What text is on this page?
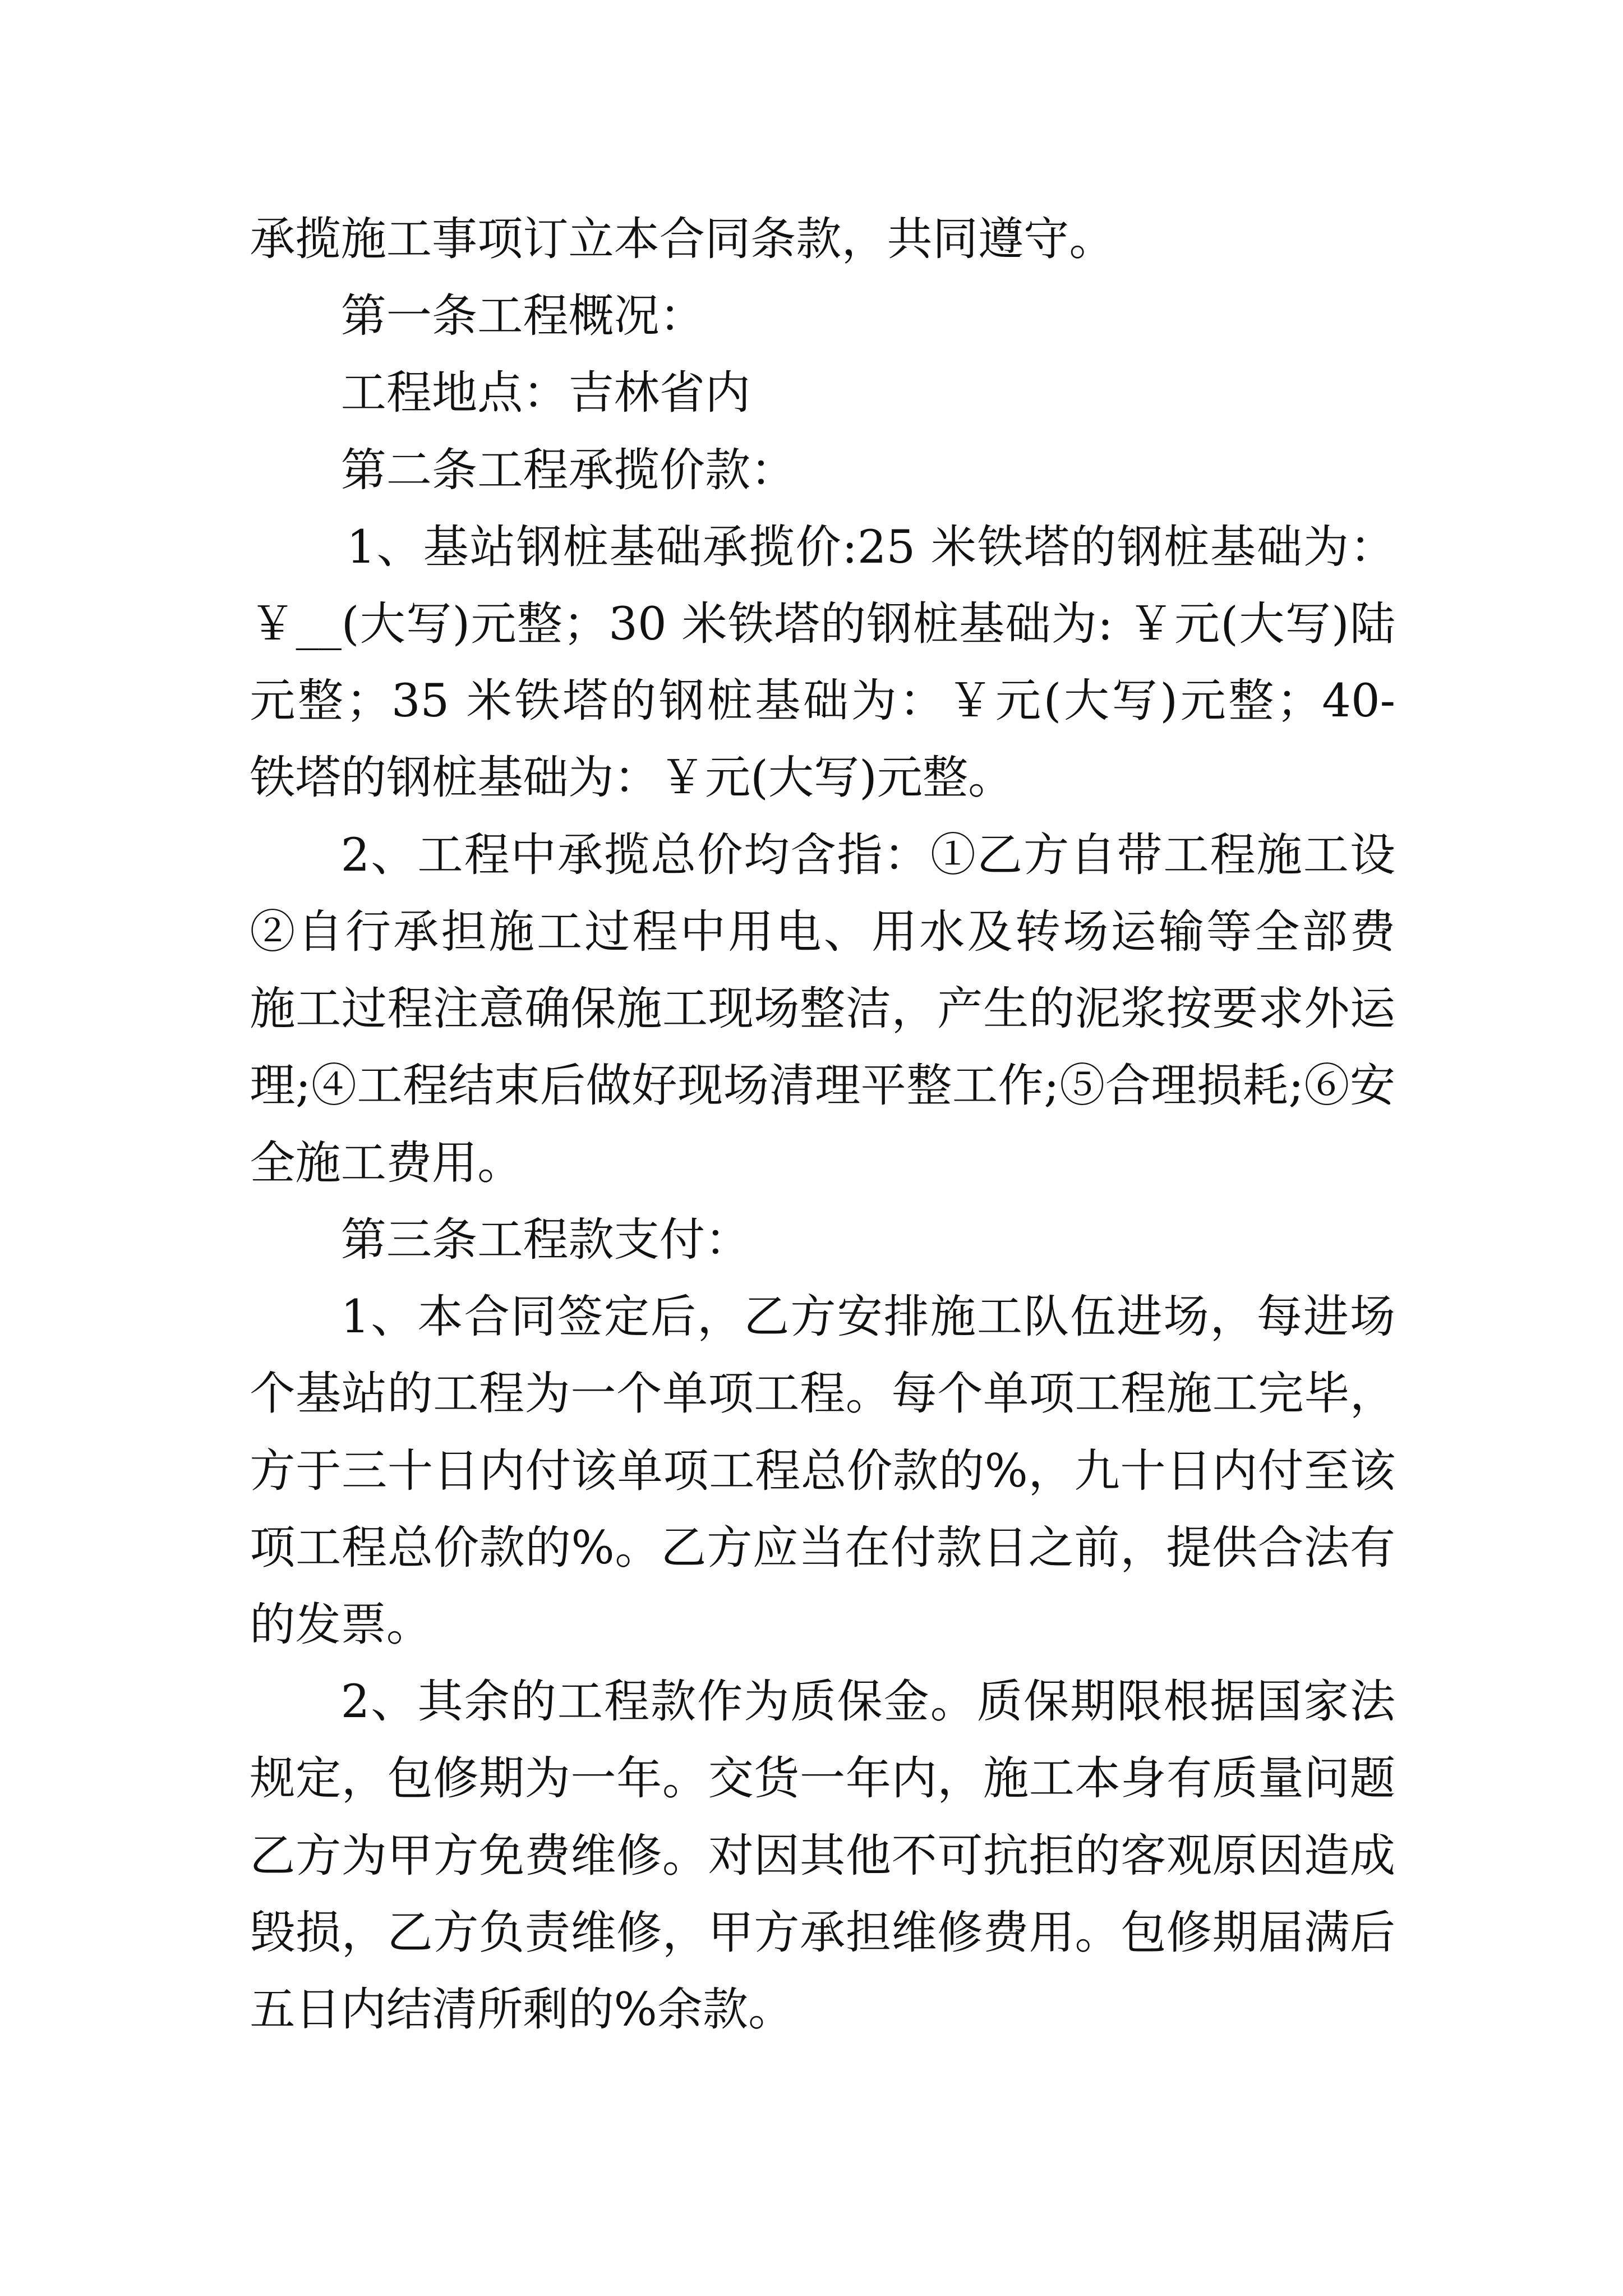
承揽施工事项订立本合同条款，共同遵守。
第一条工程概况：
工程地点：吉林省内
第二条工程承揽价款：
1、基站钢桩基础承揽价:25 米铁塔的钢桩基础为：
￥__(大写)元整；30 米铁塔的钢桩基础为: ￥元(大写)陆
元整；35 米铁塔的钢桩基础为：￥元(大写)元整；40-
铁塔的钢桩基础为：￥元(大写)元整。
2、工程中承揽总价均含指：①乙方自带工程施工设
②自行承担施工过程中用电、用水及转场运输等全部费
施工过程注意确保施工现场整洁，产生的泥浆按要求外运
理;④工程结束后做好现场清理平整工作;⑤合理损耗;⑥安
全施工费用。
第三条工程款支付：
1、本合同签定后，乙方安排施工队伍进场，每进场
个基站的工程为一个单项工程。每个单项工程施工完毕，
方于三十日内付该单项工程总价款的%，九十日内付至该
项工程总价款的%。乙方应当在付款日之前，提供合法有
的发票。
2、其余的工程款作为质保金。质保期限根据国家法
规定，包修期为一年。交货一年内，施工本身有质量问题
乙方为甲方免费维修。对因其他不可抗拒的客观原因造成
毁损，乙方负责维修，甲方承担维修费用。包修期届满后
五日内结清所剩的%余款。
